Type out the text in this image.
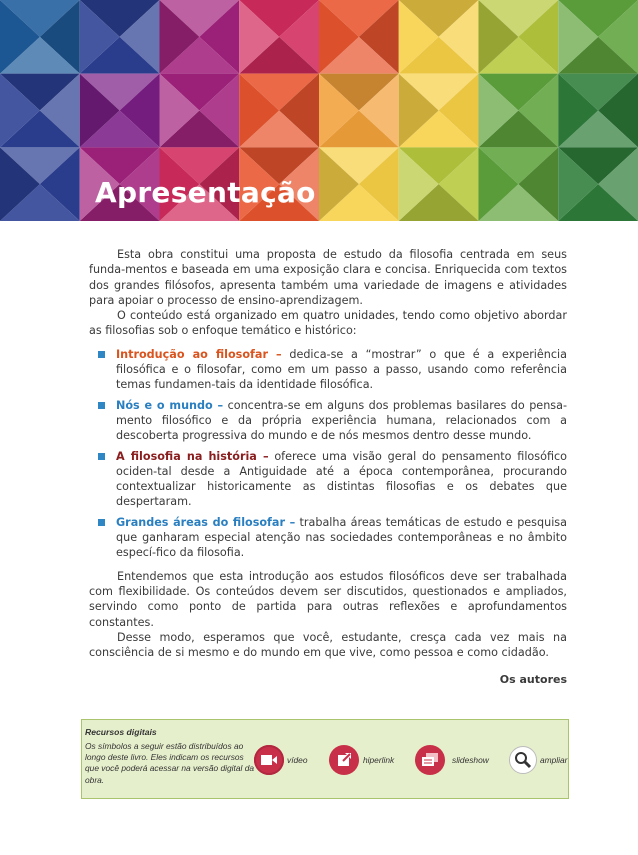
Apresentação

Esta obra constitui uma proposta de estudo da filosofia centrada em seus funda-mentos e baseada em uma exposição clara e concisa. Enriquecida com textos dos grandes filósofos, apresenta também uma variedade de imagens e atividades para apoiar o processo de ensino-aprendizagem.

O conteúdo está organizado em quatro unidades, tendo como objetivo abordar as filosofias sob o enfoque temático e histórico:

Introdução ao filosofar – dedica-se a “mostrar” o que é a experiência filosófica e o filosofar, como em um passo a passo, usando como referência temas fundamen-tais da identidade filosófica.
Nós e o mundo – concentra-se em alguns dos problemas basilares do pensa-mento filosófico e da própria experiência humana, relacionados com a descoberta progressiva do mundo e de nós mesmos dentro desse mundo.
A filosofia na história – oferece uma visão geral do pensamento filosófico ociden-tal desde a Antiguidade até a época contemporânea, procurando contextualizar historicamente as distintas filosofias e os debates que despertaram.
Grandes áreas do filosofar – trabalha áreas temáticas de estudo e pesquisa que ganharam especial atenção nas sociedades contemporâneas e no âmbito especí-fico da filosofia.

Entendemos que esta introdução aos estudos filosóficos deve ser trabalhada com flexibilidade. Os conteúdos devem ser discutidos, questionados e ampliados, servindo como ponto de partida para outras reflexões e aprofundamentos constantes.

Desse modo, esperamos que você, estudante, cresça cada vez mais na consciência de si mesmo e do mundo em que vive, como pessoa e como cidadão.

Os autores
Recursos digitais
Os símbolos a seguir estão distribuídos ao longo deste livro. Eles indicam os recursos que você poderá acessar na versão digital da obra.
vídeo	hiperlink	slideshow	ampliar
